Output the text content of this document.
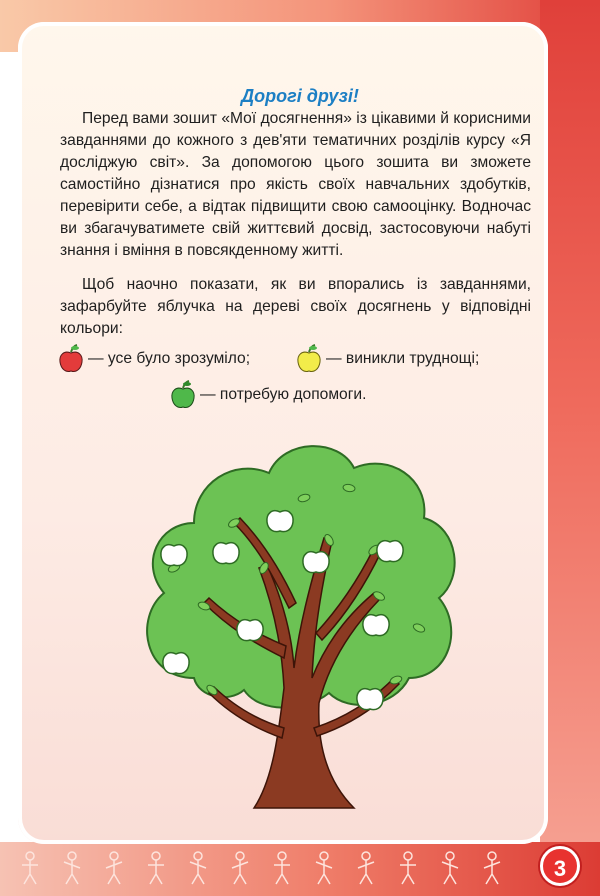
Дорогі друзі!

Перед вами зошит «Мої досягнення» із цікавими й корисними завданнями до кожного з дев'яти тематичних розділів курсу «Я досліджую світ». За допомогою цього зошита ви зможете самостійно дізнатися про якість своїх навчальних здобутків, перевірити себе, а відтак підвищити свою самооцінку. Водночас ви збагачуватимете свій життєвий досвід, застосовуючи набуті знання і вміння в повсякденному житті.

Щоб наочно показати, як ви впорались із завданнями, зафарбуйте яблучка на дереві своїх досягнень у відповідні кольори:

— усе було зрозуміло;	— виникли труднощі;
— потребую допомоги.
3
